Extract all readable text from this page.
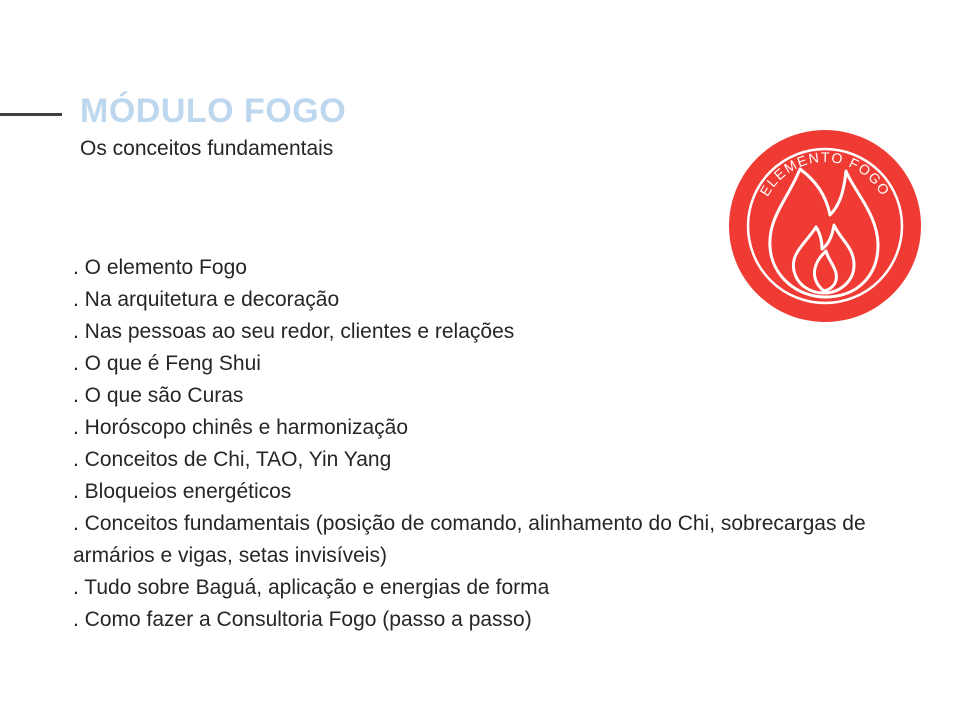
MÓDULO FOGO
Os conceitos fundamentais
. O elemento Fogo
. Na arquitetura e decoração
. Nas pessoas ao seu redor, clientes e relações
. O que é Feng Shui
. O que são Curas
. Horóscopo chinês e harmonização
. Conceitos de Chi, TAO, Yin Yang
. Bloqueios energéticos
. Conceitos fundamentais (posição de comando, alinhamento do Chi, sobrecargas de armários e vigas, setas invisíveis)
. Tudo sobre Baguá, aplicação e energias de forma
. Como fazer a Consultoria Fogo (passo a passo)
ELEMENTO FOGO
